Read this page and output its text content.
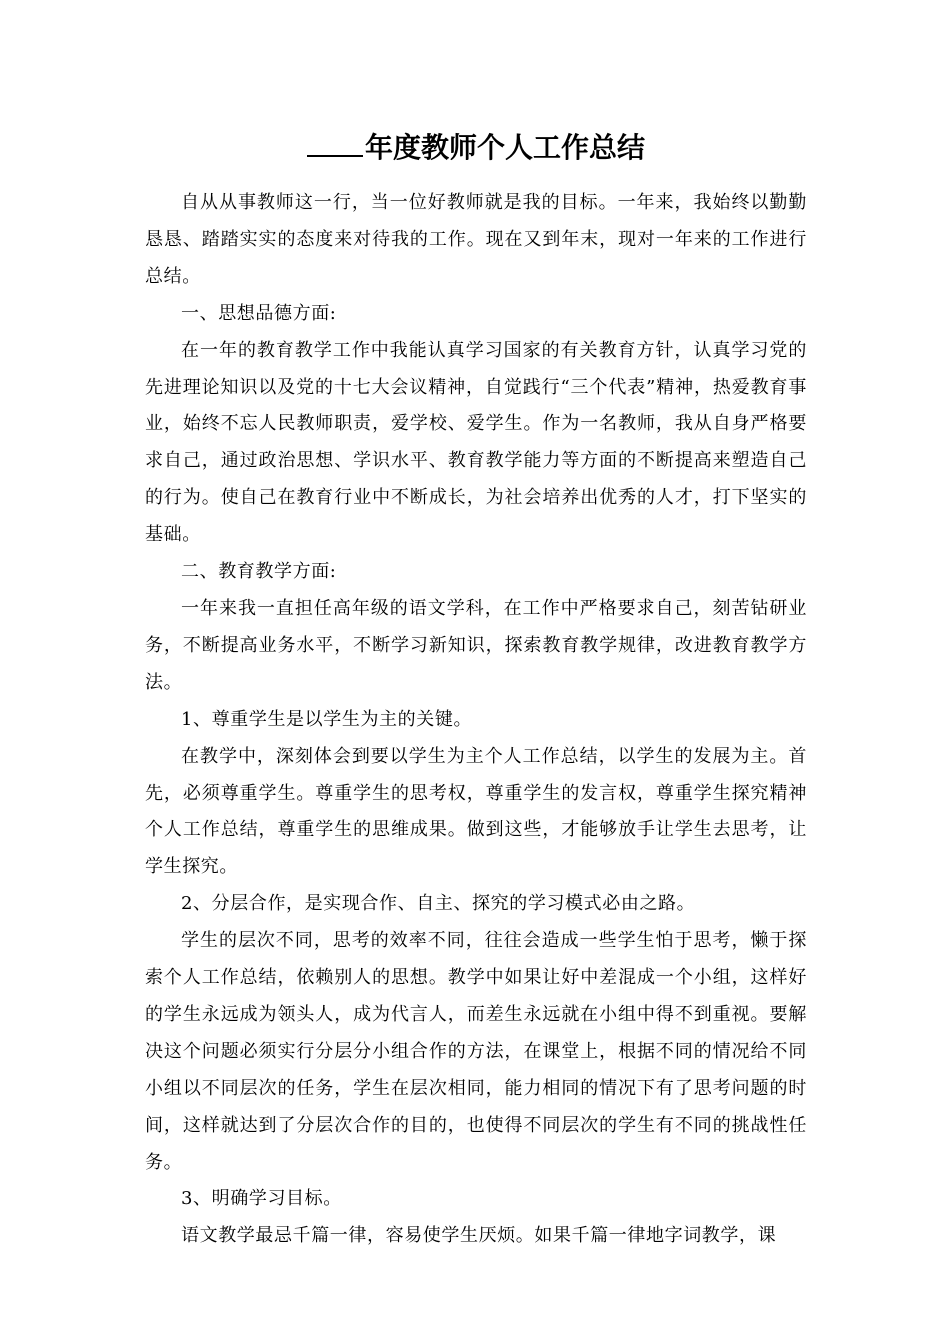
年度教师个人工作总结

自从从事教师这一行，当一位好教师就是我的目标。一年来，我始终以勤勤恳恳、踏踏实实的态度来对待我的工作。现在又到年末，现对一年来的工作进行总结。

一、思想品德方面:

在一年的教育教学工作中我能认真学习国家的有关教育方针，认真学习党的先进理论知识以及党的十七大会议精神，自觉践行“三个代表”精神，热爱教育事业，始终不忘人民教师职责，爱学校、爱学生。作为一名教师，我从自身严格要求自己，通过政治思想、学识水平、教育教学能力等方面的不断提高来塑造自己的行为。使自己在教育行业中不断成长，为社会培养出优秀的人才，打下坚实的基础。

二、教育教学方面:

一年来我一直担任高年级的语文学科，在工作中严格要求自己，刻苦钻研业务，不断提高业务水平，不断学习新知识，探索教育教学规律，改进教育教学方法。

1、尊重学生是以学生为主的关键。

在教学中，深刻体会到要以学生为主个人工作总结，以学生的发展为主。首先，必须尊重学生。尊重学生的思考权，尊重学生的发言权，尊重学生探究精神个人工作总结，尊重学生的思维成果。做到这些，才能够放手让学生去思考，让学生探究。

2、分层合作，是实现合作、自主、探究的学习模式必由之路。

学生的层次不同，思考的效率不同，往往会造成一些学生怕于思考，懒于探索个人工作总结，依赖别人的思想。教学中如果让好中差混成一个小组，这样好的学生永远成为领头人，成为代言人，而差生永远就在小组中得不到重视。要解决这个问题必须实行分层分小组合作的方法，在课堂上，根据不同的情况给不同小组以不同层次的任务，学生在层次相同，能力相同的情况下有了思考问题的时间，这样就达到了分层次合作的目的，也使得不同层次的学生有不同的挑战性任务。

3、明确学习目标。

语文教学最忌千篇一律，容易使学生厌烦。如果千篇一律地字词教学，课
